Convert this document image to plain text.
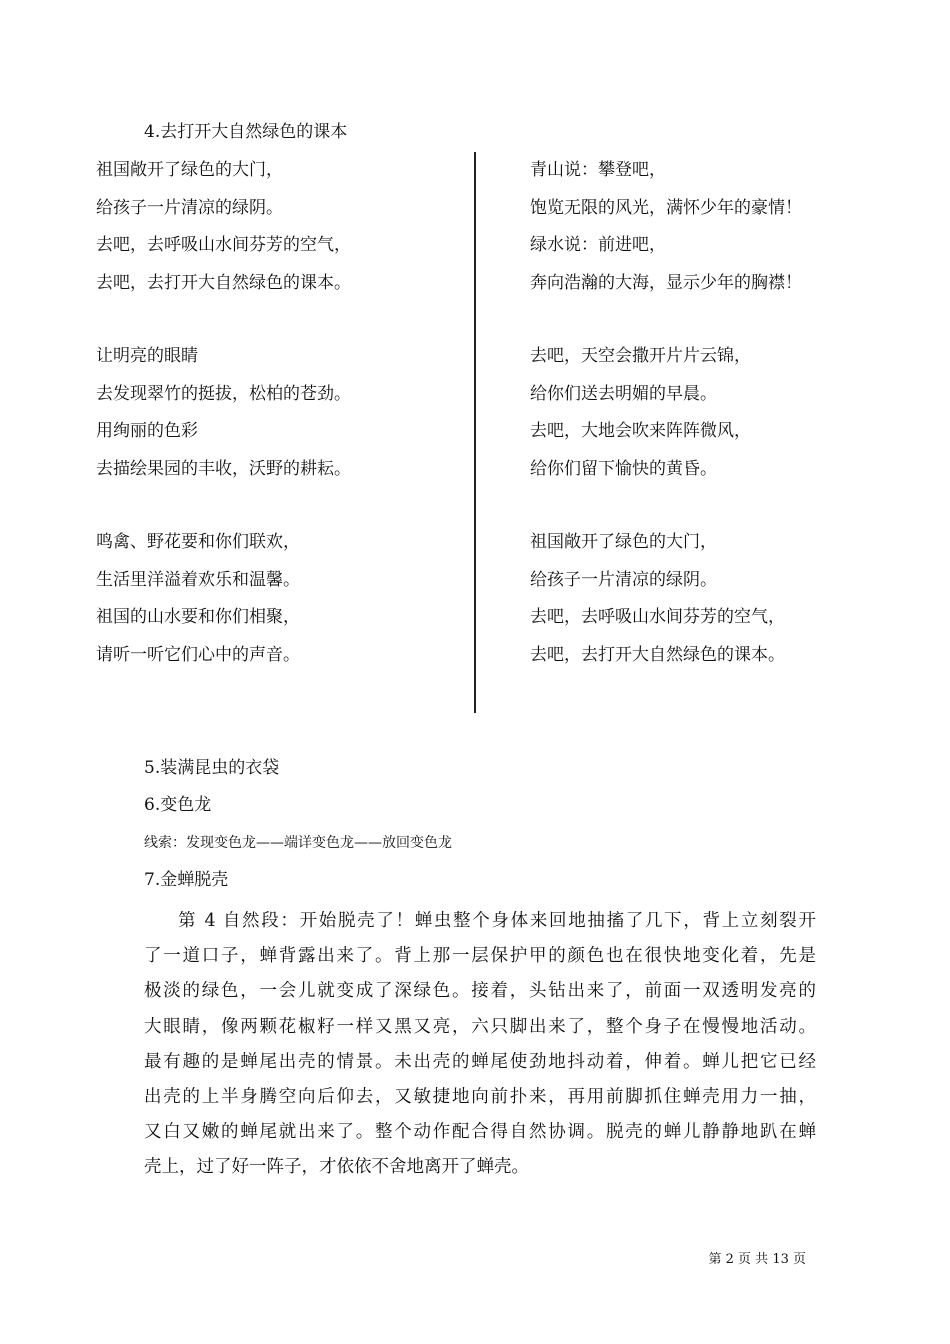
4.去打开大自然绿色的课本
祖国敞开了绿色的大门，
给孩子一片清凉的绿阴。
去吧，去呼吸山水间芬芳的空气，
去吧，去打开大自然绿色的课本。
让明亮的眼睛
去发现翠竹的挺拔，松柏的苍劲。
用绚丽的色彩
去描绘果园的丰收，沃野的耕耘。
鸣禽、野花要和你们联欢，
生活里洋溢着欢乐和温馨。
祖国的山水要和你们相聚，
请听一听它们心中的声音。
青山说：攀登吧，
饱览无限的风光，满怀少年的豪情！
绿水说：前进吧，
奔向浩瀚的大海，显示少年的胸襟！
去吧，天空会撒开片片云锦，
给你们送去明媚的早晨。
去吧，大地会吹来阵阵微风，
给你们留下愉快的黄昏。
祖国敞开了绿色的大门，
给孩子一片清凉的绿阴。
去吧，去呼吸山水间芬芳的空气，
去吧，去打开大自然绿色的课本。
5.装满昆虫的衣袋
6.变色龙
线索：发现变色龙——端详变色龙——放回变色龙
7.金蝉脱壳
第 4 自然段：开始脱壳了！蝉虫整个身体来回地抽搐了几下，背上立刻裂开
了一道口子，蝉背露出来了。背上那一层保护甲的颜色也在很快地变化着，先是
极淡的绿色，一会儿就变成了深绿色。接着，头钻出来了，前面一双透明发亮的
大眼睛，像两颗花椒籽一样又黑又亮，六只脚出来了，整个身子在慢慢地活动。
最有趣的是蝉尾出壳的情景。未出壳的蝉尾使劲地抖动着，伸着。蝉儿把它已经
出壳的上半身腾空向后仰去，又敏捷地向前扑来，再用前脚抓住蝉壳用力一抽，
又白又嫩的蝉尾就出来了。整个动作配合得自然协调。脱壳的蝉儿静静地趴在蝉
壳上，过了好一阵子，才依依不舍地离开了蝉壳。
第 2 页 共 13 页
